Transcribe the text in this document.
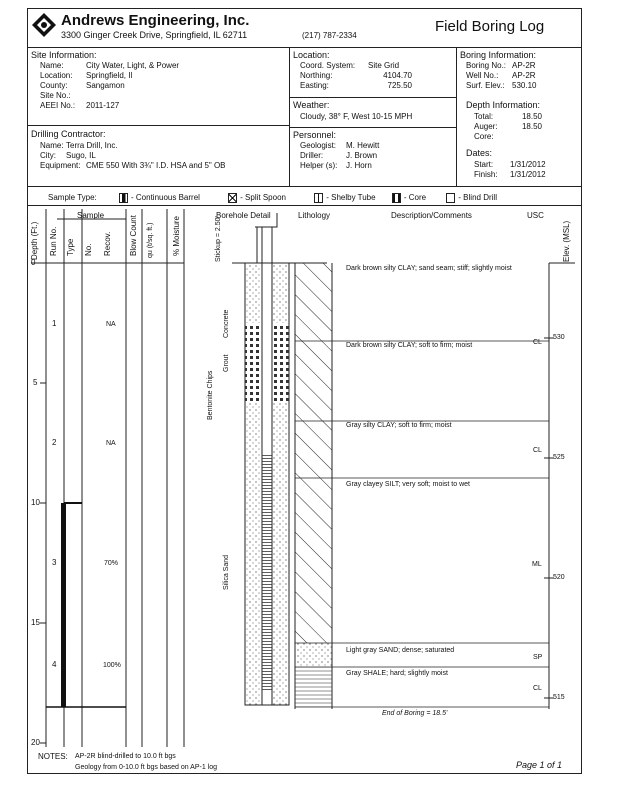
Andrews Engineering, Inc.
3300 Ginger Creek Drive, Springfield, IL 62711	(217) 787-2334
Field Boring Log
Site Information:
Name:	City Water, Light, & Power
Location: Springfield, Il
County: Sangamon
Site No.:
AEEI No.: 2011-127
Location:
Coord. System: Site Grid
Northing:	4104.70
Easting:	725.50
Weather:
Cloudy, 38° F, West 10-15 MPH
Boring Information:
Boring No.: AP-2R
Well No.: AP-2R
Surf. Elev.: 530.10
Depth Information:
Total:	18.50
Auger:	18.50
Core:
Dates:
Start: 1/31/2012
Finish: 1/31/2012
Drilling Contractor:
Name: Terra Drill, Inc.
City: Sugo, IL
Equipment: CME 550 With 3¾" I.D. HSA and 5" OB
Personnel:
Geologist: M. Hewitt
Driller:	J. Brown
Helper (s): J. Horn
Sample Type:	- Continuous Barrel	- Split Spoon	- Shelby Tube	- Core	- Blind Drill
Depth (Ft.)
Sample
Run No. Type No. Recov. Blow Count qu (t/sq. ft.) % Moisture
Borehole Detail	Lithology	Description/Comments	USC
Elev. (MSL)
0
5
10
15
20
1	NA
2	NA
3	70%
4	100%
Stickup = 2.50'
Concrete
Grout
Bentonite Chips
Silica Sand
Dark brown silty CLAY; sand seam; stiff; slightly moist
Dark brown silty CLAY; soft to firm; moist
Gray silty CLAY; soft to firm; moist
Gray clayey SILT; very soft; moist to wet
Light gray SAND; dense; saturated
Gray SHALE; hard; slightly moist
CL
CL
ML
SP
CL
530
525
520
515
End of Boring = 18.5'
NOTES: AP-2R blind-drilled to 10.0 ft bgs
Geology from 0-10.0 ft bgs based on AP-1 log	Page 1 of 1
